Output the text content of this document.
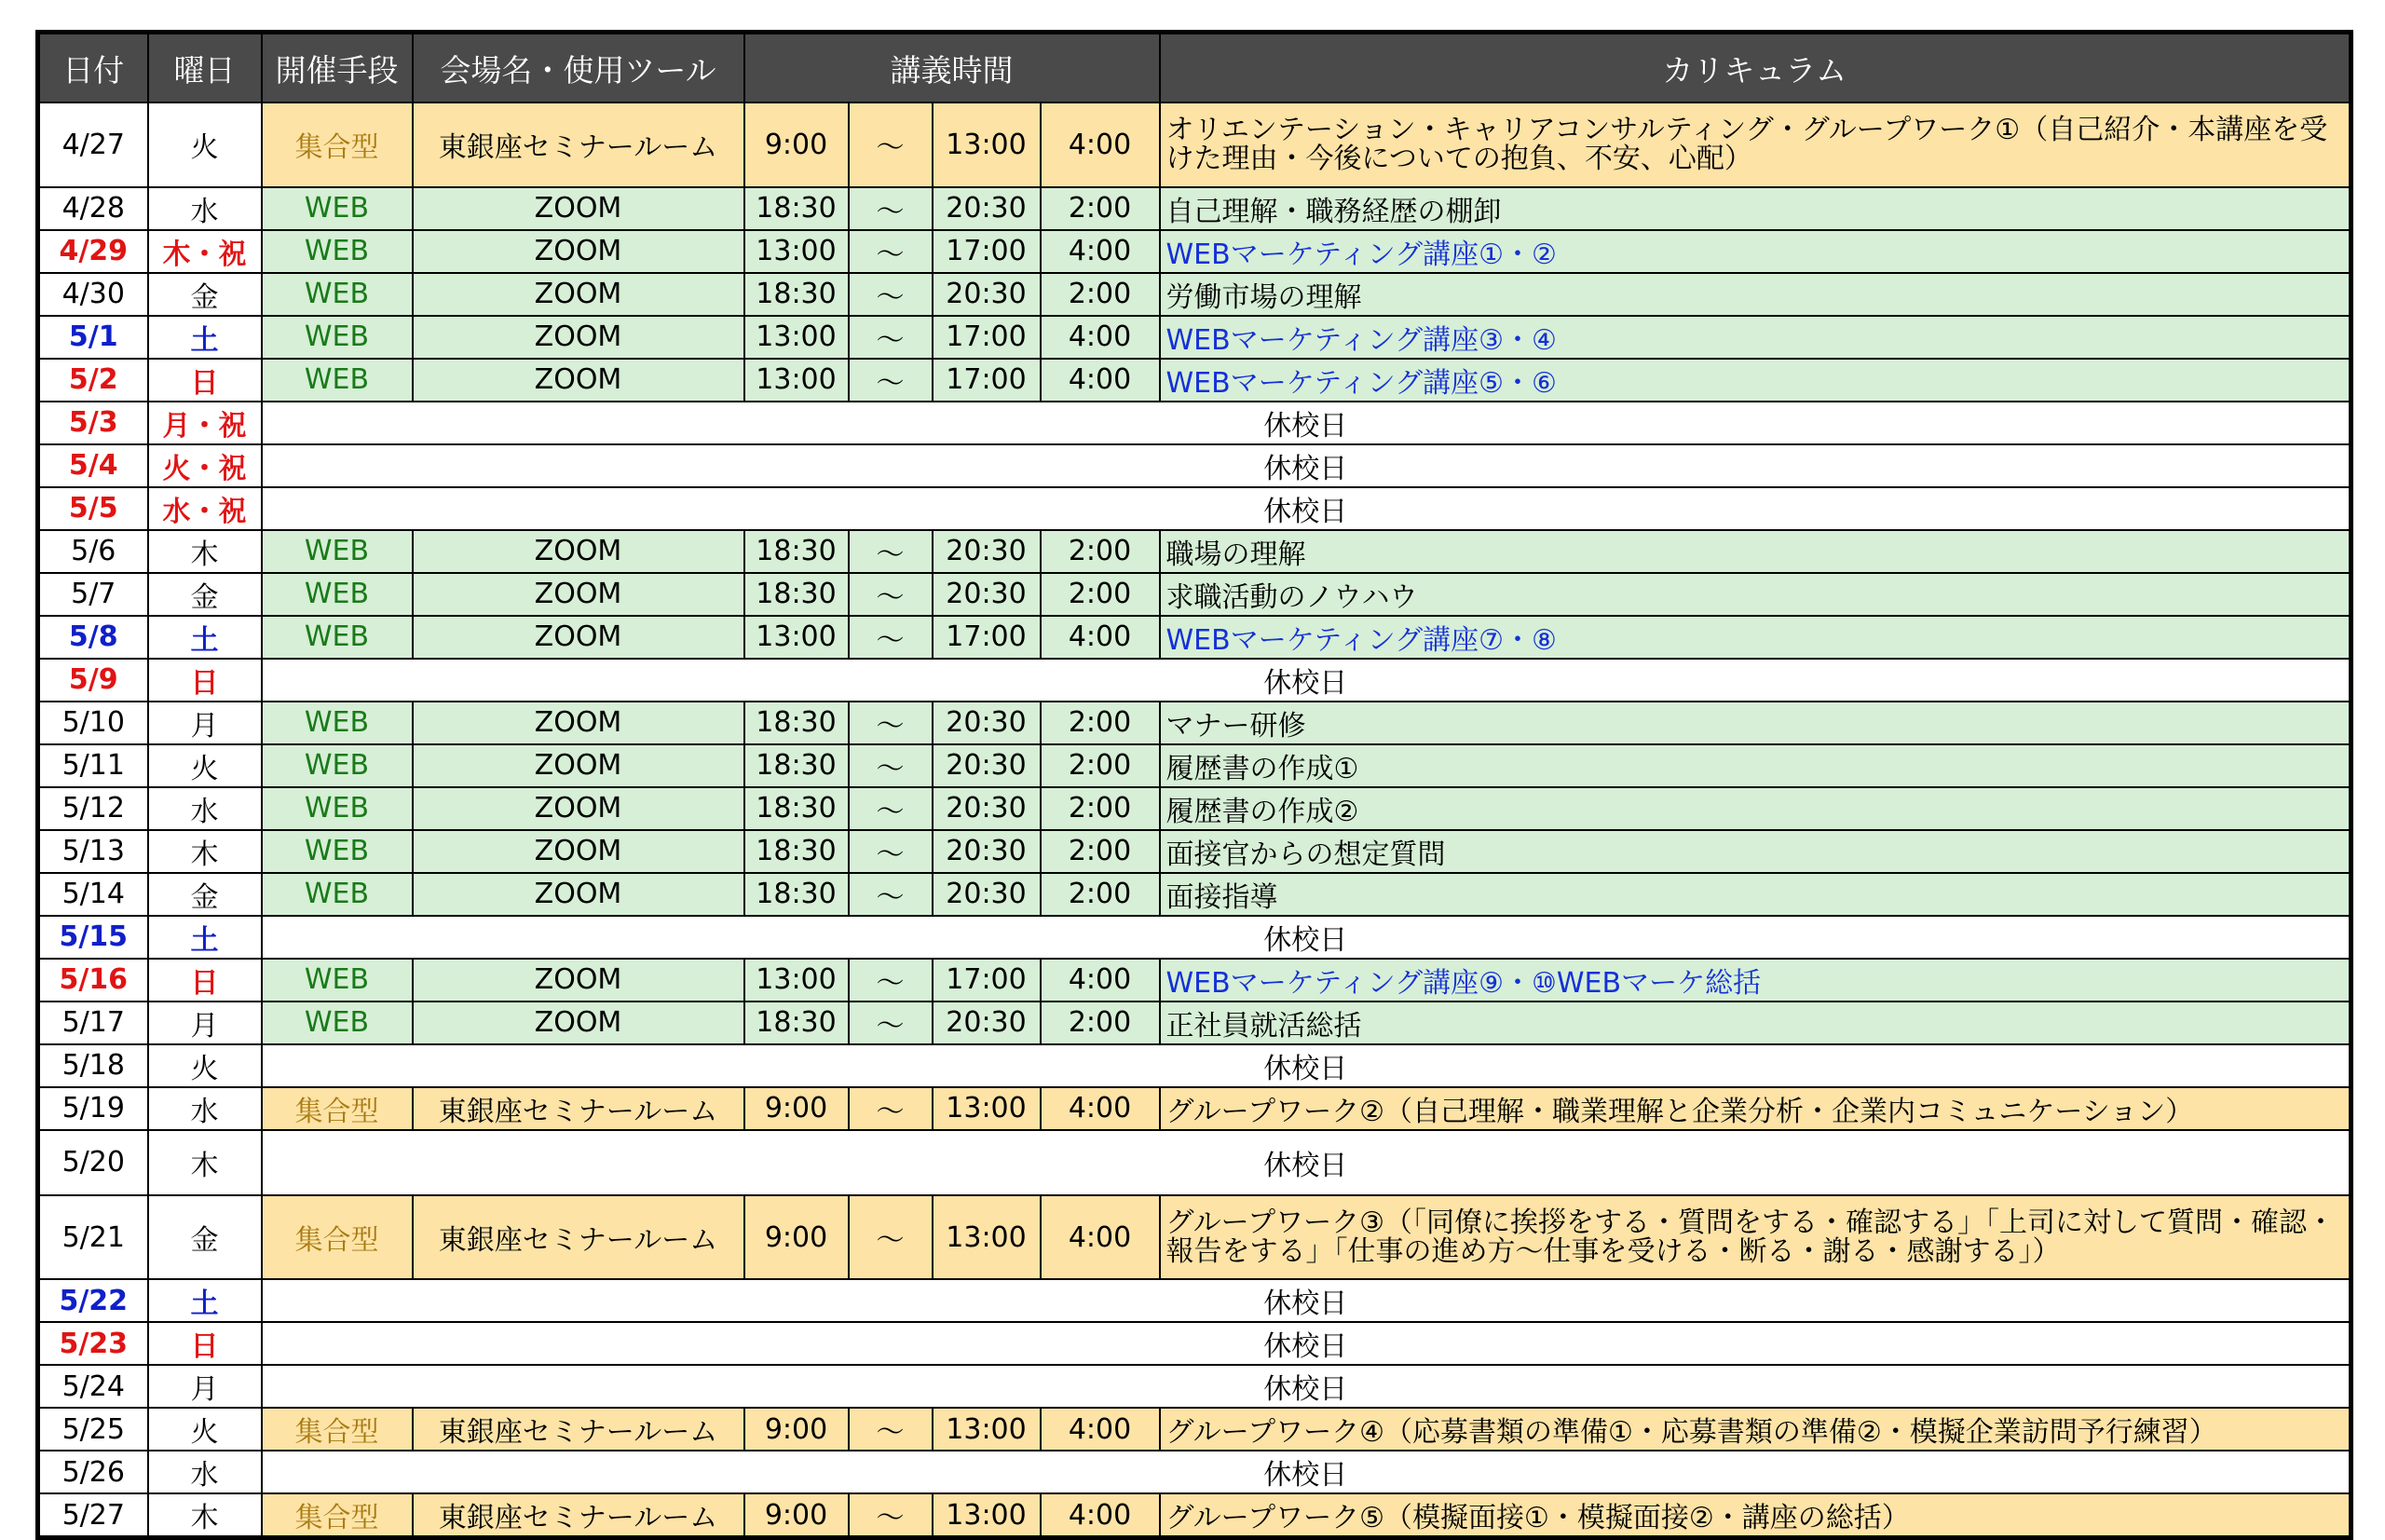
日付	曜日	開催手段	会場名・使用ツール	講義時間				カリキュラム
4/27	火	集合型	東銀座セミナールーム	9:00	〜	13:00	4:00	オリエンテーション・キャリアコンサルティング・グループワーク①（自己紹介・本講座を受けた理由・今後についての抱負、不安、心配）
4/28	水	WEB	ZOOM	18:30	〜	20:30	2:00	自己理解・職務経歴の棚卸
4/29	木・祝	WEB	ZOOM	13:00	〜	17:00	4:00	WEBマーケティング講座①・②
4/30	金	WEB	ZOOM	18:30	〜	20:30	2:00	労働市場の理解
5/1	土	WEB	ZOOM	13:00	〜	17:00	4:00	WEBマーケティング講座③・④
5/2	日	WEB	ZOOM	13:00	〜	17:00	4:00	WEBマーケティング講座⑤・⑥
5/3	月・祝	休校日						
5/4	火・祝	休校日						
5/5	水・祝	休校日						
5/6	木	WEB	ZOOM	18:30	〜	20:30	2:00	職場の理解
5/7	金	WEB	ZOOM	18:30	〜	20:30	2:00	求職活動のノウハウ
5/8	土	WEB	ZOOM	13:00	〜	17:00	4:00	WEBマーケティング講座⑦・⑧
5/9	日	休校日						
5/10	月	WEB	ZOOM	18:30	〜	20:30	2:00	マナー研修
5/11	火	WEB	ZOOM	18:30	〜	20:30	2:00	履歴書の作成①
5/12	水	WEB	ZOOM	18:30	〜	20:30	2:00	履歴書の作成②
5/13	木	WEB	ZOOM	18:30	〜	20:30	2:00	面接官からの想定質問
5/14	金	WEB	ZOOM	18:30	〜	20:30	2:00	面接指導
5/15	土	休校日						
5/16	日	WEB	ZOOM	13:00	〜	17:00	4:00	WEBマーケティング講座⑨・⑩WEBマーケ総括
5/17	月	WEB	ZOOM	18:30	〜	20:30	2:00	正社員就活総括
5/18	火	休校日						
5/19	水	集合型	東銀座セミナールーム	9:00	〜	13:00	4:00	グループワーク②（自己理解・職業理解と企業分析・企業内コミュニケーション）
5/20	木	休校日						
5/21	金	集合型	東銀座セミナールーム	9:00	〜	13:00	4:00	グループワーク③（「同僚に挨拶をする・質問をする・確認する」「上司に対して質問・確認・報告をする」「仕事の進め方〜仕事を受ける・断る・謝る・感謝する」）
5/22	土	休校日						
5/23	日	休校日						
5/24	月	休校日						
5/25	火	集合型	東銀座セミナールーム	9:00	〜	13:00	4:00	グループワーク④（応募書類の準備①・応募書類の準備②・模擬企業訪問予行練習）
5/26	水	休校日						
5/27	木	集合型	東銀座セミナールーム	9:00	〜	13:00	4:00	グループワーク⑤（模擬面接①・模擬面接②・講座の総括）
